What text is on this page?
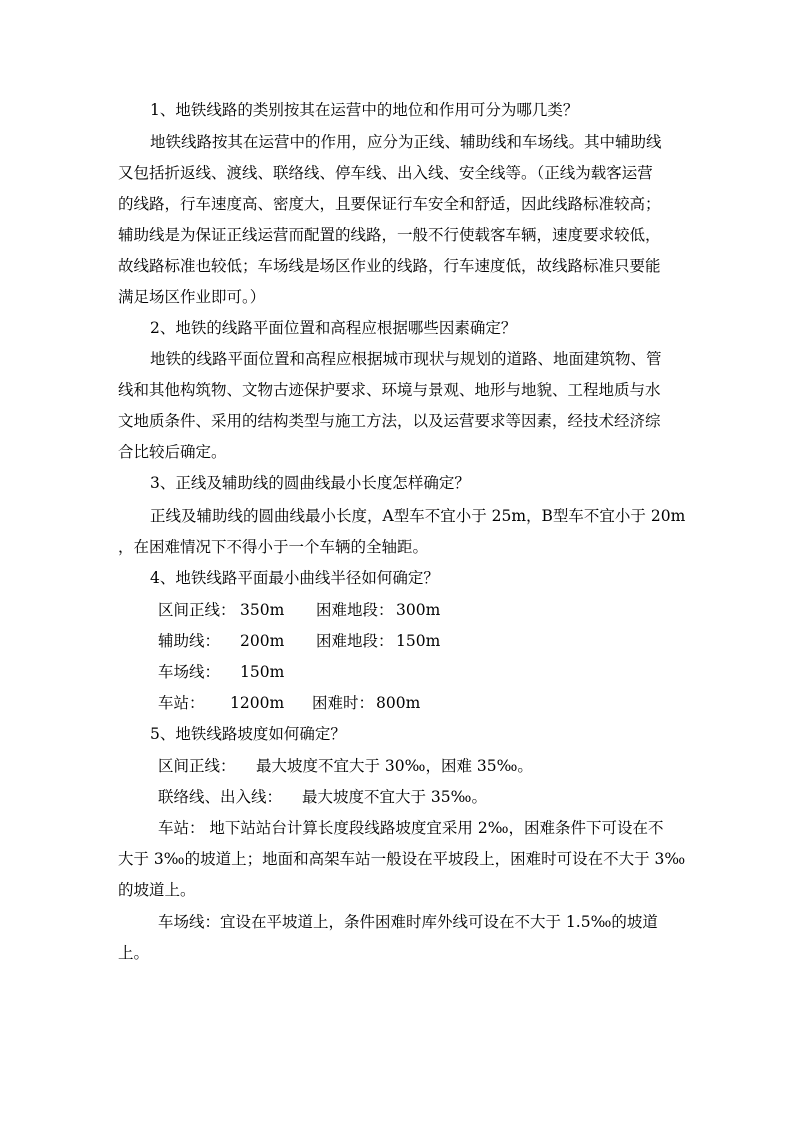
1、地铁线路的类别按其在运营中的地位和作用可分为哪几类？
地铁线路按其在运营中的作用，应分为正线、辅助线和车场线。其中辅助线
又包括折返线、渡线、联络线、停车线、出入线、安全线等。（正线为载客运营
的线路，行车速度高、密度大，且要保证行车安全和舒适，因此线路标准较高；
辅助线是为保证正线运营而配置的线路，一般不行使载客车辆，速度要求较低，
故线路标准也较低；车场线是场区作业的线路，行车速度低，故线路标准只要能
满足场区作业即可。）
2、地铁的线路平面位置和高程应根据哪些因素确定？
地铁的线路平面位置和高程应根据城市现状与规划的道路、地面建筑物、管
线和其他构筑物、文物古迹保护要求、环境与景观、地形与地貌、工程地质与水
文地质条件、采用的结构类型与施工方法，以及运营要求等因素，经技术经济综
合比较后确定。
3、正线及辅助线的圆曲线最小长度怎样确定？
正线及辅助线的圆曲线最小长度，A型车不宜小于 25m，B型车不宜小于 20m
，在困难情况下不得小于一个车辆的全轴距。
4、地铁线路平面最小曲线半径如何确定？
区间正线： 350m 困难地段： 300m
辅助线： 200m 困难地段： 150m
车场线： 150m
车站： 1200m 困难时： 800m
5、地铁线路坡度如何确定？
区间正线： 最大坡度不宜大于 30‰，困难 35‰。
联络线、出入线： 最大坡度不宜大于 35‰。
车站： 地下站站台计算长度段线路坡度宜采用 2‰，困难条件下可设在不
大于 3‰的坡道上；地面和高架车站一般设在平坡段上，困难时可设在不大于 3‰
的坡道上。
车场线：宜设在平坡道上，条件困难时库外线可设在不大于 1.5‰的坡道
上。
